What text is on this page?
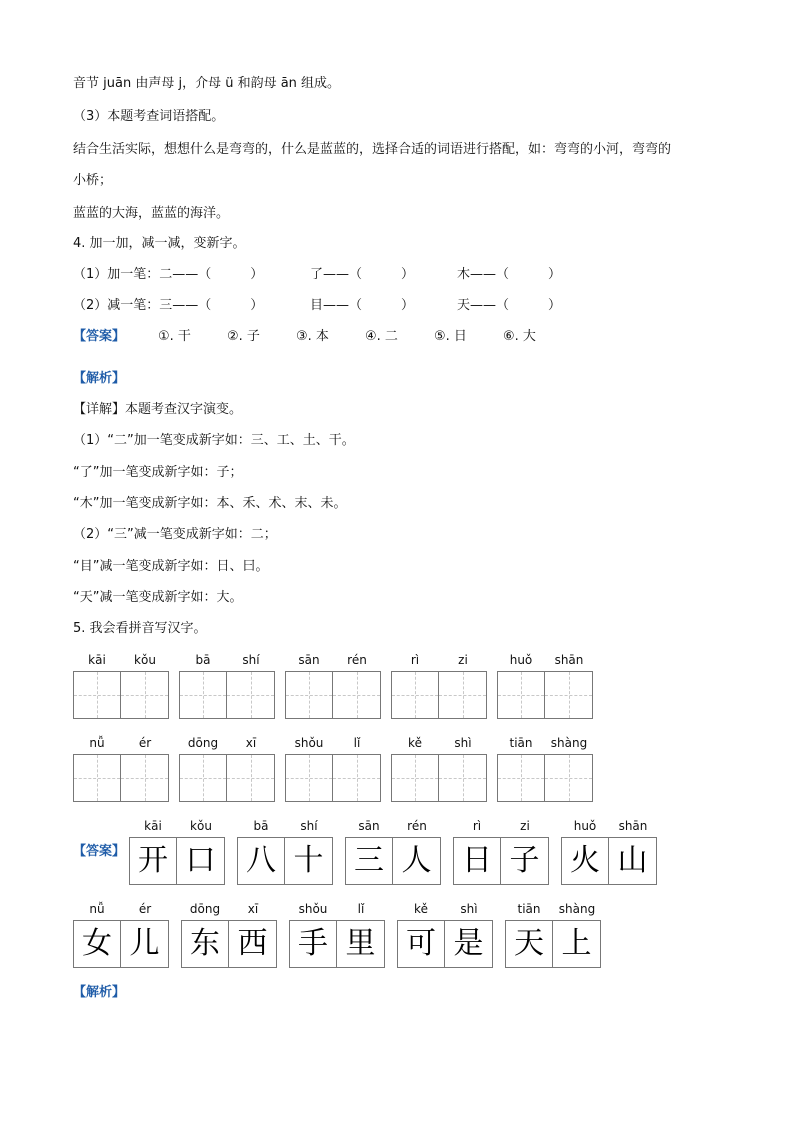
音节 juān 由声母 j，介母 ü 和韵母 ān 组成。
（3）本题考查词语搭配。
结合生活实际，想想什么是弯弯的，什么是蓝蓝的，选择合适的词语进行搭配，如：弯弯的小河，弯弯的
小桥；
蓝蓝的大海，蓝蓝的海洋。
4. 加一加，减一减，变新字。
（1）加一笔：二——（　　　）	了——（　　　）	木——（　　　）
（2）减一笔：三——（　　　）	目——（　　　）	天——（　　　）
【答案】	①. 干	②. 子	③. 本	④. 二	⑤. 日	⑥. 大
【解析】
【详解】本题考查汉字演变。
（1）“二”加一笔变成新字如：三、工、土、干。
“了”加一笔变成新字如：子；
“木”加一笔变成新字如：本、禾、术、末、未。
（2）“三”减一笔变成新字如：二；
“目”减一笔变成新字如：日、曰。
“天”减一笔变成新字如：大。
5. 我会看拼音写汉字。
kāi	kǒu	bā	shí	sān	rén	rì	zi	huǒ	shān
nǚ	ér	dōng	xī	shǒu	lǐ	kě	shì	tiān	shàng
【答案】
kāi	kǒu
开 口
bā	shí
八 十
sān	rén
三 人
rì	zi
日 子
huǒ	shān
火 山
nǚ	ér
女 儿
dōng	xī
东 西
shǒu	lǐ
手 里
kě	shì
可 是
tiān	shàng
天 上
【解析】
